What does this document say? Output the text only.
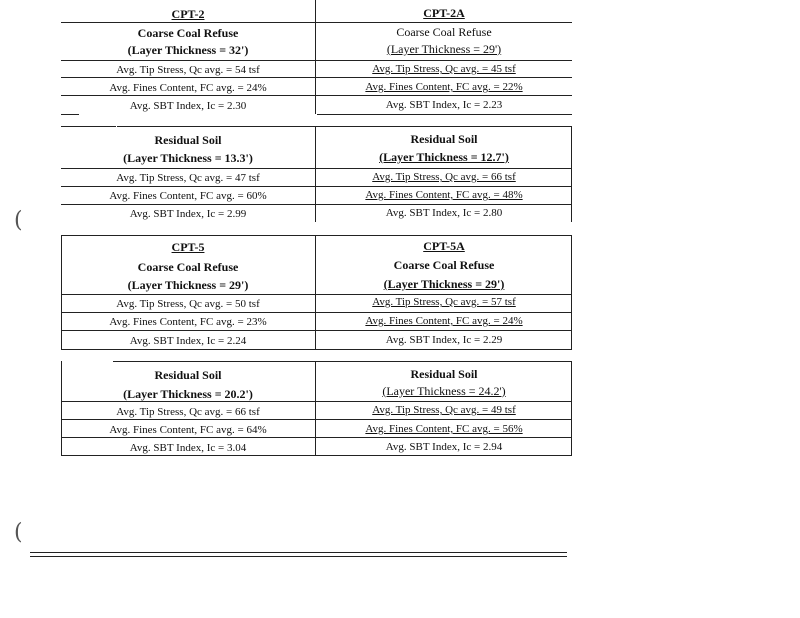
CPT-2
Coarse Coal Refuse
(Layer Thickness = 32')
Avg. Tip Stress, Qc avg. = 54 tsf
Avg. Fines Content, FC avg. = 24%
Avg. SBT Index, Ic = 2.30
CPT-2A
Coarse Coal Refuse
(Layer Thickness = 29')
Avg. Tip Stress, Qc avg. = 45 tsf
Avg. Fines Content, FC avg. = 22%
Avg. SBT Index, Ic = 2.23
Residual Soil
(Layer Thickness = 13.3')
Avg. Tip Stress, Qc avg. = 47 tsf
Avg. Fines Content, FC avg. = 60%
Avg. SBT Index, Ic = 2.99
Residual Soil
(Layer Thickness = 12.7')
Avg. Tip Stress, Qc avg. = 66 tsf
Avg. Fines Content, FC avg. = 48%
Avg. SBT Index, Ic = 2.80
CPT-5
Coarse Coal Refuse
(Layer Thickness = 29')
Avg. Tip Stress, Qc avg. = 50 tsf
Avg. Fines Content, FC avg. = 23%
Avg. SBT Index, Ic = 2.24
CPT-5A
Coarse Coal Refuse
(Layer Thickness = 29')
Avg. Tip Stress, Qc avg. = 57 tsf
Avg. Fines Content, FC avg. = 24%
Avg. SBT Index, Ic = 2.29
Residual Soil
(Layer Thickness = 20.2')
Avg. Tip Stress, Qc avg. = 66 tsf
Avg. Fines Content, FC avg. = 64%
Avg. SBT Index, Ic = 3.04
Residual Soil
(Layer Thickness = 24.2')
Avg. Tip Stress, Qc avg. = 49 tsf
Avg. Fines Content, FC avg. = 56%
Avg. SBT Index, Ic = 2.94
(
(
